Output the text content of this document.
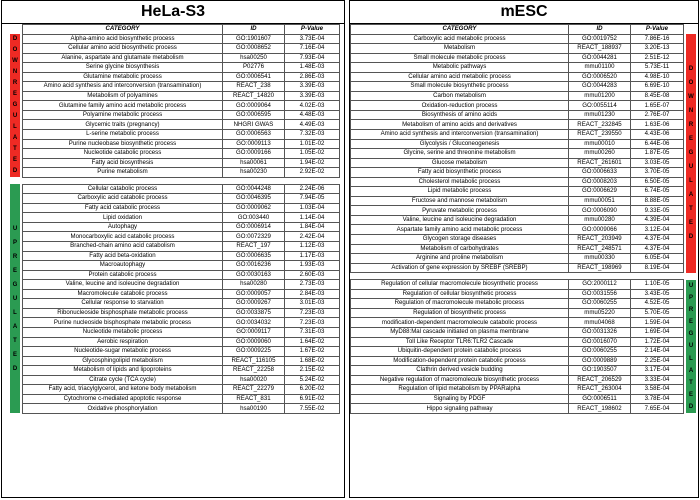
HeLa-S3	mESC
D
O
W
N
R
E
G
U
L
A
T
E
D
U
P
R
E
G
U
L
A
T
E
D
D
O
W
N
R
E
G
U
L
A
T
E
D
U
P
R
E
G
U
L
A
T
E
D
CATEGORY	ID	P-Value
Alpha-amino acid biosynthetic process	GO:1901607	3.73E-04
Cellular amino acid biosynthetic process	GO:0008652	7.16E-04
Alanine, aspartate and glutamate metabolism	hsa00250	7.93E-04
Serine glycine biosynthesis	P02776	1.48E-03
Glutamine metabolic process	GO:0006541	2.86E-03
Amino acid synthesis and interconversion (transamination)	REACT_238	3.39E-03
Metabolism of polyamines	REACT_14820	3.39E-03
Glutamine family amino acid metabolic process	GO:0009064	4.02E-03
Polyamine metabolic process	GO:0006595	4.48E-03
Glycemic traits (pregnancy)	NHGRI GWAS	4.49E-03
L-serine metabolic process	GO:0006563	7.32E-03
Purine nucleobase biosynthetic process	GO:0009113	1.01E-02
Nucleotide catabolic process	GO:0009166	1.05E-02
Fatty acid biosynthesis	hsa00061	1.94E-02
Purine metabolism	hsa00230	2.92E-02

Cellular catabolic process	GO:0044248	2.24E-06
Carboxylic acid catabolic process	GO:0046395	7.94E-05
Fatty acid catabolic process	GO:0009062	1.03E-04
Lipid oxidation	GO:003440	1.14E-04
Autophagy	GO:0006914	1.84E-04
Monocarboxylic acid catabolic process	GO:0072329	2.42E-04
Branched-chain amino acid catabolism	REACT_197	1.12E-03
Fatty acid beta-oxidation	GO:0006635	1.17E-03
Macroautophagy	GO:0016236	1.93E-03
Protein catabolic process	GO:0030163	2.60E-03
Valine, leucine and isoleucine degradation	hsa00280	2.73E-03
Macromolecule catabolic process	GO:0009057	2.84E-03
Cellular response to starvation	GO:0009267	3.01E-03
Ribonucleoside bisphosphate metabolic process	GO:0033875	7.23E-03
Purine nucleoside bisphosphate metabolic process	GO:0034032	7.23E-03
Nucleotide metabolic process	GO:0009117	7.31E-03
Aerobic respiration	GO:0009060	1.64E-02
Nucleotide-sugar metabolic process	GO:0009225	1.67E-02
Glycosphingolipid metabolism	REACT_116105	1.68E-02
Metabolism of lipids and lipoproteins	REACT_22258	2.15E-02
Citrate cycle (TCA cycle)	hsa00020	5.24E-02
Fatty acid, triacylglycerol, and ketone body metabolism	REACT_22279	6.20E-02
Cytochrome c-mediated apoptotic response	REACT_831	6.91E-02
Oxidative phosphorylation	hsa00190	7.55E-02
CATEGORY	ID	P-Value
Carboxylic acid metabolic process	GO:0019752	7.86E-16
Metabolism	REACT_188937	3.20E-13
Small molecule metabolic process	GO:0044281	2.51E-12
Metabolic pathways	mmu01100	5.73E-11
Cellular amino acid metabolic process	GO:0006520	4.98E-10
Small molecule biosynthetic process	GO:0044283	6.69E-10
Carbon metabolism	mmu01200	8.45E-08
Oxidation-reduction process	GO:0055114	1.65E-07
Biosynthesis of amino acids	mmu01230	2.76E-07
Metabolism of amino acids and derivatives	REACT_232845	1.63E-06
Amino acid synthesis and interconversion (transamination)	REACT_239550	4.43E-06
Glycolysis / Gluconeogenesis	mmu00010	6.44E-06
Glycine, serine and threonine metabolism	mmu00260	1.87E-05
Glucose metabolism	REACT_261601	3.03E-05
Fatty acid biosynthetic process	GO:0006633	3.70E-05
Cholesterol metabolic process	GO:0008203	6.50E-05
Lipid metabolic process	GO:0006629	6.74E-05
Fructose and mannose metabolism	mmu00051	8.88E-05
Pyruvate metabolic process	GO:0006090	9.33E-05
Valine, leucine and isoleucine degradation	mmu00280	4.39E-04
Aspartate family amino acid metabolic process	GO:0009066	3.12E-04
Glycogen storage diseases	REACT_203949	4.37E-04
Metabolism of carbohydrates	REACT_248571	4.37E-04
Arginine and proline metabolism	mmu00330	6.05E-04
Activation of gene expression by SREBF (SREBP)	REACT_198969	8.19E-04

Regulation of cellular macromolecule biosynthetic process	GO:2000112	1.10E-05
Regulation of cellular biosynthetic process	GO:0031556	3.43E-05
Regulation of macromolecule metabolic process	GO:0060255	4.52E-05
Regulation of biosynthetic process	mmu05220	5.70E-05
modification-dependent macromolecule catabolic process	mmu04068	1.59E-04
MyD88:Mal cascade initiated on plasma membrane	GO:0031326	1.69E-04
Toll Like Receptor TLR6:TLR2 Cascade	GO:0016070	1.72E-04
Ubiquitin-dependent protein catabolic process	GO:0060255	2.14E-04
Modification-dependent protein catabolic process	GO:0009889	2.25E-04
Clathrin derived vesicle budding	GO:1903507	3.17E-04
Negative regulation of macromolecule biosynthetic process	REACT_206529	3.33E-04
Regulation of lipid metabolism by PPARalpha	REACT_263004	3.58E-04
Signaling by PDGF	GO:0006511	3.78E-04
Hippo signaling pathway	REACT_198602	7.65E-04
